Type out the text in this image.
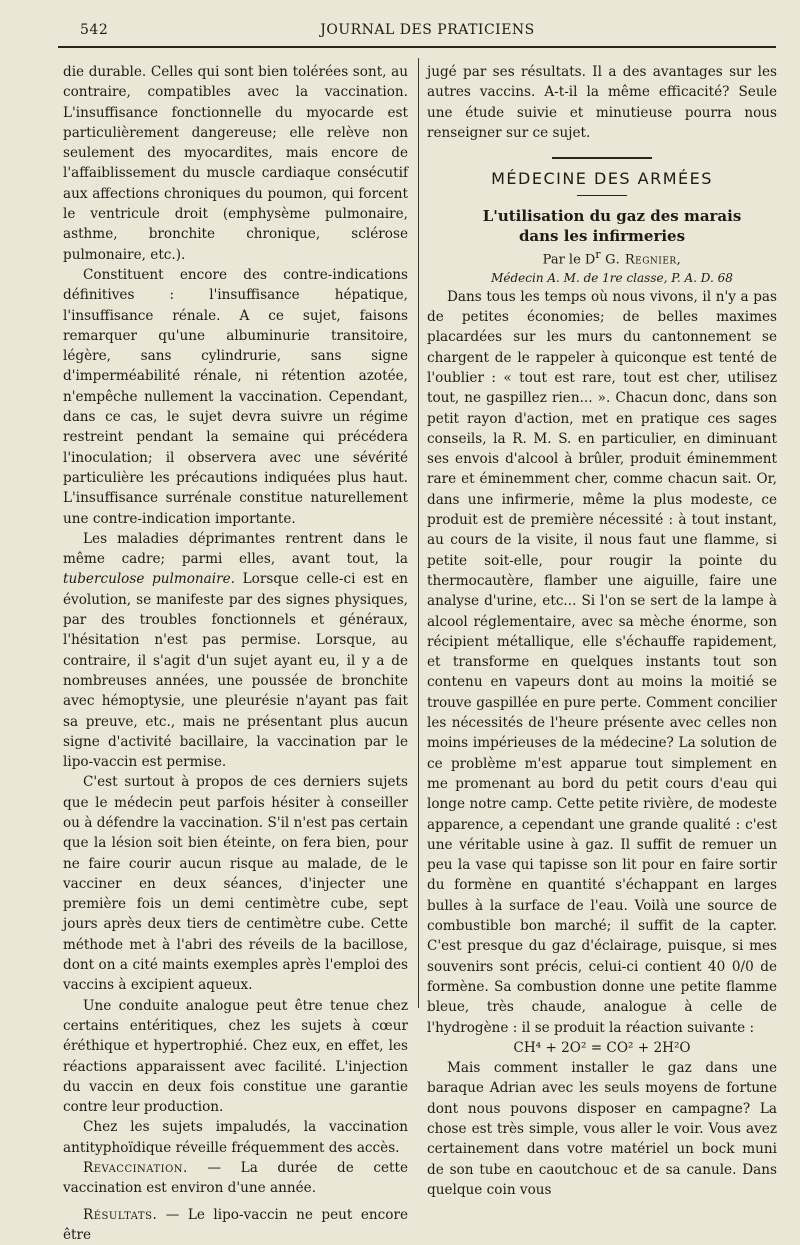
542	JOURNAL DES PRATICIENS

die durable. Celles qui sont bien tolérées sont, au contraire, compatibles avec la vaccination. L'insuffisance fonctionnelle du myocarde est particulièrement dangereuse; elle relève non seulement des myocardites, mais encore de l'affaiblissement du muscle cardiaque consécutif aux affections chroniques du poumon, qui forcent le ventricule droit (emphysème pulmonaire, asthme, bronchite chronique, sclérose pulmonaire, etc.).

Constituent encore des contre-indications définitives : l'insuffisance hépatique, l'insuffisance rénale. A ce sujet, faisons remarquer qu'une albuminurie transitoire, légère, sans cylindrurie, sans signe d'imperméabilité rénale, ni rétention azotée, n'empêche nullement la vaccination. Cependant, dans ce cas, le sujet devra suivre un régime restreint pendant la semaine qui précédera l'inoculation; il observera avec une sévérité particulière les précautions indiquées plus haut. L'insuffisance surrénale constitue naturellement une contre-indication importante.

Les maladies déprimantes rentrent dans le même cadre; parmi elles, avant tout, la tuberculose pulmonaire. Lorsque celle-ci est en évolution, se manifeste par des signes physiques, par des troubles fonctionnels et généraux, l'hésitation n'est pas permise. Lorsque, au contraire, il s'agit d'un sujet ayant eu, il y a de nombreuses années, une poussée de bronchite avec hémoptysie, une pleurésie n'ayant pas fait sa preuve, etc., mais ne présentant plus aucun signe d'activité bacillaire, la vaccination par le lipo-vaccin est permise.

C'est surtout à propos de ces derniers sujets que le médecin peut parfois hésiter à conseiller ou à défendre la vaccination. S'il n'est pas certain que la lésion soit bien éteinte, on fera bien, pour ne faire courir aucun risque au malade, de le vacciner en deux séances, d'injecter une première fois un demi centimètre cube, sept jours après deux tiers de centimètre cube. Cette méthode met à l'abri des réveils de la bacillose, dont on a cité maints exemples après l'emploi des vaccins à excipient aqueux.

Une conduite analogue peut être tenue chez certains entéritiques, chez les sujets à cœur éréthique et hypertrophié. Chez eux, en effet, les réactions apparaissent avec facilité. L'injection du vaccin en deux fois constitue une garantie contre leur production.

Chez les sujets impaludés, la vaccination antityphoïdique réveille fréquemment des accès.

Revaccination. — La durée de cette vaccination est environ d'une année.

Résultats. — Le lipo-vaccin ne peut encore être

jugé par ses résultats. Il a des avantages sur les autres vaccins. A-t-il la même efficacité? Seule une étude suivie et minutieuse pourra nous renseigner sur ce sujet.

MÉDECINE DES ARMÉES

L'utilisation du gaz des marais
dans les infirmeries

Par le $D^r$ G. Regnier,

Médecin A. M. de 1re classe, P. A. D. 68

Dans tous les temps où nous vivons, il n'y a pas de petites économies; de belles maximes placardées sur les murs du cantonnement se chargent de le rappeler à quiconque est tenté de l'oublier : « tout est rare, tout est cher, utilisez tout, ne gaspillez rien... ». Chacun donc, dans son petit rayon d'action, met en pratique ces sages conseils, la R. M. S. en particulier, en diminuant ses envois d'alcool à brûler, produit éminemment rare et éminemment cher, comme chacun sait. Or, dans une infirmerie, même la plus modeste, ce produit est de première nécessité : à tout instant, au cours de la visite, il nous faut une flamme, si petite soit-elle, pour rougir la pointe du thermocautère, flamber une aiguille, faire une analyse d'urine, etc... Si l'on se sert de la lampe à alcool réglementaire, avec sa mèche énorme, son récipient métallique, elle s'échauffe rapidement, et transforme en quelques instants tout son contenu en vapeurs dont au moins la moitié se trouve gaspillée en pure perte. Comment concilier les nécessités de l'heure présente avec celles non moins impérieuses de la médecine? La solution de ce problème m'est apparue tout simplement en me promenant au bord du petit cours d'eau qui longe notre camp. Cette petite rivière, de modeste apparence, a cependant une grande qualité : c'est une véritable usine à gaz. Il suffit de remuer un peu la vase qui tapisse son lit pour en faire sortir du formène en quantité s'échappant en larges bulles à la surface de l'eau. Voilà une source de combustible bon marché; il suffit de la capter. C'est presque du gaz d'éclairage, puisque, si mes souvenirs sont précis, celui-ci contient 40 0/0 de formène. Sa combustion donne une petite flamme bleue, très chaude, analogue à celle de l'hydrogène : il se produit la réaction suivante :

CH⁴ + 2O² = CO² + 2H²O

Mais comment installer le gaz dans une baraque Adrian avec les seuls moyens de fortune dont nous pouvons disposer en campagne? La chose est très simple, vous aller le voir. Vous avez certainement dans votre matériel un bock muni de son tube en caoutchouc et de sa canule. Dans quelque coin vous
